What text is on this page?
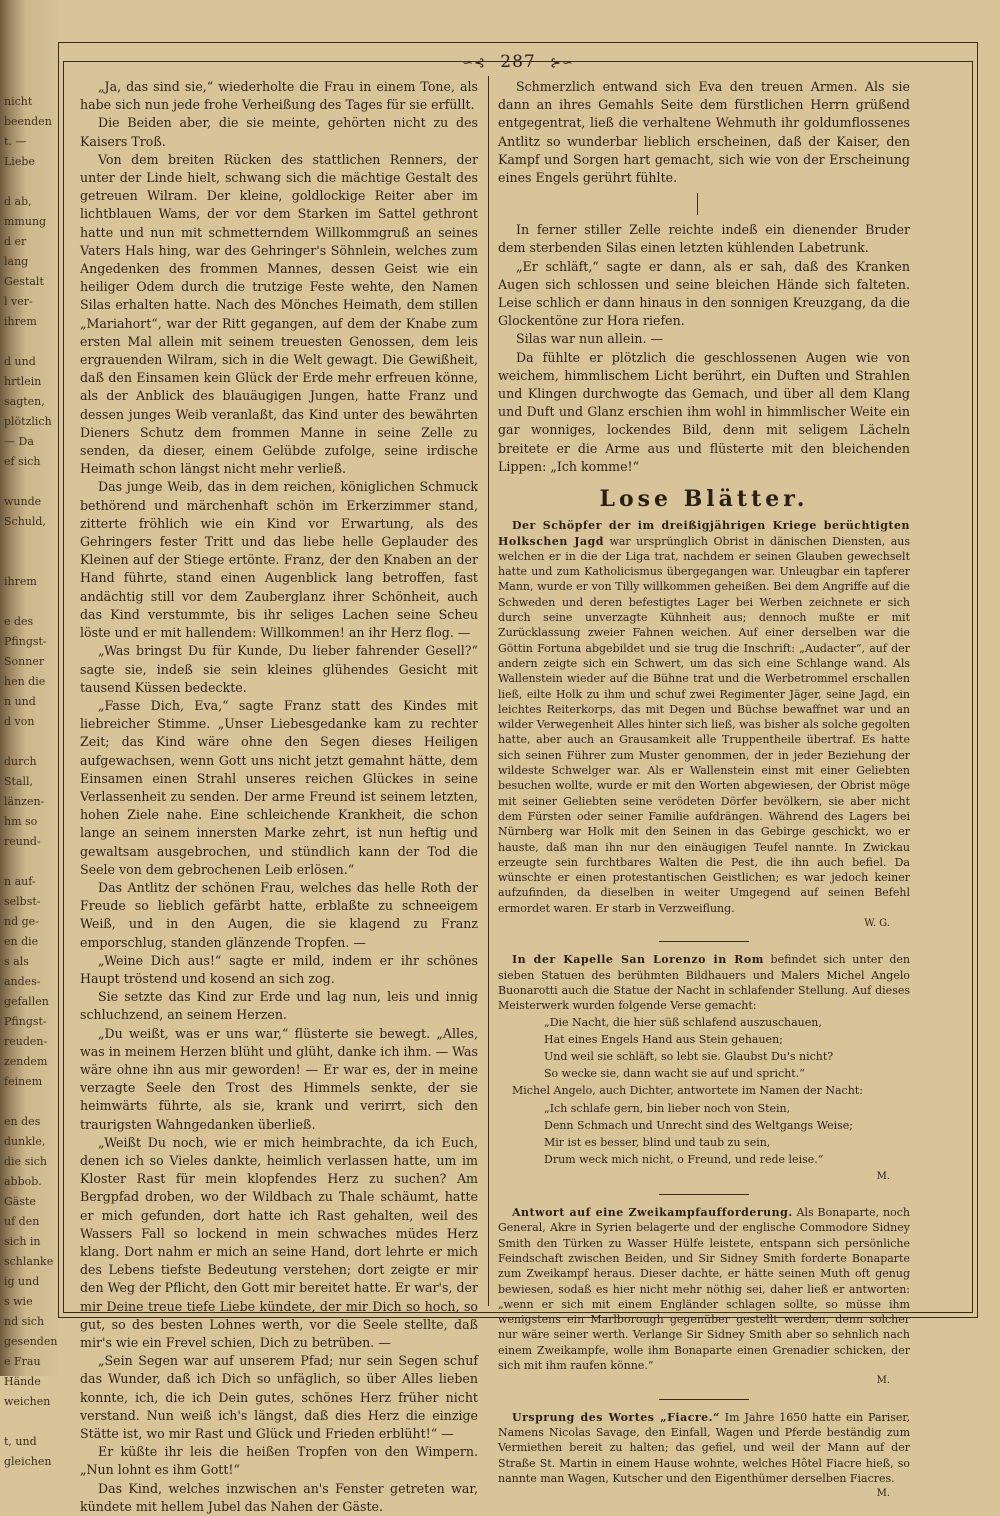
nicht
beenden
t. —
Liebe
d ab,
mmung
d er
lang
Gestalt
l ver-
ihrem
d und
hrtlein
sagten,
plötzlich
— Da
ef sich
wunde
Schuld,
ihrem
e des
Pfingst-
Sonner
hen die
n und
d von
durch
Stall,
länzen-
hm so
reund-
n auf-
selbst-
nd ge-
en die
s als
andes-
gefallen
Pfingst-
reuden-
zendem
feinem
en des
dunkle,
die sich
abbob.
Gäste
uf den
sich in
schlanke
ig und
s wie
nd sich
gesenden
e Frau
Hände
weichen
t, und
gleichen
∽⊰ 287 ⊱∽

„Ja, das sind sie,“ wiederholte die Frau in einem Tone, als habe sich nun jede frohe Verheißung des Tages für sie erfüllt.

Die Beiden aber, die sie meinte, gehörten nicht zu des Kaisers Troß.

Von dem breiten Rücken des stattlichen Renners, der unter der Linde hielt, schwang sich die mächtige Gestalt des getreuen Wilram. Der kleine, goldlockige Reiter aber im lichtblauen Wams, der vor dem Starken im Sattel gethront hatte und nun mit schmetterndem Willkommgruß an seines Vaters Hals hing, war des Gehringer's Söhnlein, welches zum Angedenken des frommen Mannes, dessen Geist wie ein heiliger Odem durch die trutzige Feste wehte, den Namen Silas erhalten hatte. Nach des Mönches Heimath, dem stillen „Mariahort“, war der Ritt gegangen, auf dem der Knabe zum ersten Mal allein mit seinem treuesten Genossen, dem leis ergrauenden Wilram, sich in die Welt gewagt. Die Gewißheit, daß den Einsamen kein Glück der Erde mehr erfreuen könne, als der Anblick des blauäugigen Jungen, hatte Franz und dessen junges Weib veranlaßt, das Kind unter des bewährten Dieners Schutz dem frommen Manne in seine Zelle zu senden, da dieser, einem Gelübde zufolge, seine irdische Heimath schon längst nicht mehr verließ.

Das junge Weib, das in dem reichen, königlichen Schmuck bethörend und märchenhaft schön im Erkerzimmer stand, zitterte fröhlich wie ein Kind vor Erwartung, als des Gehringers fester Tritt und das liebe helle Geplauder des Kleinen auf der Stiege ertönte. Franz, der den Knaben an der Hand führte, stand einen Augenblick lang betroffen, fast andächtig still vor dem Zauberglanz ihrer Schönheit, auch das Kind verstummte, bis ihr seliges Lachen seine Scheu löste und er mit hallendem: Willkommen! an ihr Herz flog. —

„Was bringst Du für Kunde, Du lieber fahrender Gesell?“ sagte sie, indeß sie sein kleines glühendes Gesicht mit tausend Küssen bedeckte.

„Fasse Dich, Eva,“ sagte Franz statt des Kindes mit liebreicher Stimme. „Unser Liebesgedanke kam zu rechter Zeit; das Kind wäre ohne den Segen dieses Heiligen aufgewachsen, wenn Gott uns nicht jetzt gemahnt hätte, dem Einsamen einen Strahl unseres reichen Glückes in seine Verlassenheit zu senden. Der arme Freund ist seinem letzten, hohen Ziele nahe. Eine schleichende Krankheit, die schon lange an seinem innersten Marke zehrt, ist nun heftig und gewaltsam ausgebrochen, und stündlich kann der Tod die Seele von dem gebrochenen Leib erlösen.“

Das Antlitz der schönen Frau, welches das helle Roth der Freude so lieblich gefärbt hatte, erblaßte zu schneeigem Weiß, und in den Augen, die sie klagend zu Franz emporschlug, standen glänzende Tropfen. —

„Weine Dich aus!“ sagte er mild, indem er ihr schönes Haupt tröstend und kosend an sich zog.

Sie setzte das Kind zur Erde und lag nun, leis und innig schluchzend, an seinem Herzen.

„Du weißt, was er uns war,“ flüsterte sie bewegt. „Alles, was in meinem Herzen blüht und glüht, danke ich ihm. — Was wäre ohne ihn aus mir geworden! — Er war es, der in meine verzagte Seele den Trost des Himmels senkte, der sie heimwärts führte, als sie, krank und verirrt, sich den traurigsten Wahngedanken überließ.

„Weißt Du noch, wie er mich heimbrachte, da ich Euch, denen ich so Vieles dankte, heimlich verlassen hatte, um im Kloster Rast für mein klopfendes Herz zu suchen? Am Bergpfad droben, wo der Wildbach zu Thale schäumt, hatte er mich gefunden, dort hatte ich Rast gehalten, weil des Wassers Fall so lockend in mein schwaches müdes Herz klang. Dort nahm er mich an seine Hand, dort lehrte er mich des Lebens tiefste Bedeutung verstehen; dort zeigte er mir den Weg der Pflicht, den Gott mir bereitet hatte. Er war's, der mir Deine treue tiefe Liebe kündete, der mir Dich so hoch, so gut, so des besten Lohnes werth, vor die Seele stellte, daß mir's wie ein Frevel schien, Dich zu betrüben. —

„Sein Segen war auf unserem Pfad; nur sein Segen schuf das Wunder, daß ich Dich so unfäglich, so über Alles lieben konnte, ich, die ich Dein gutes, schönes Herz früher nicht verstand. Nun weiß ich's längst, daß dies Herz die einzige Stätte ist, wo mir Rast und Glück und Frieden erblüht!“ —

Er küßte ihr leis die heißen Tropfen von den Wimpern. „Nun lohnt es ihm Gott!“

Das Kind, welches inzwischen an's Fenster getreten war, kündete mit hellem Jubel das Nahen der Gäste.

Schmerzlich entwand sich Eva den treuen Armen. Als sie dann an ihres Gemahls Seite dem fürstlichen Herrn grüßend entgegentrat, ließ die verhaltene Wehmuth ihr goldumflossenes Antlitz so wunderbar lieblich erscheinen, daß der Kaiser, den Kampf und Sorgen hart gemacht, sich wie von der Erscheinung eines Engels gerührt fühlte.

In ferner stiller Zelle reichte indeß ein dienender Bruder dem sterbenden Silas einen letzten kühlenden Labetrunk.

„Er schläft,“ sagte er dann, als er sah, daß des Kranken Augen sich schlossen und seine bleichen Hände sich falteten. Leise schlich er dann hinaus in den sonnigen Kreuzgang, da die Glockentöne zur Hora riefen.

Silas war nun allein. —

Da fühlte er plötzlich die geschlossenen Augen wie von weichem, himmlischem Licht berührt, ein Duften und Strahlen und Klingen durchwogte das Gemach, und über all dem Klang und Duft und Glanz erschien ihm wohl in himmlischer Weite ein gar wonniges, lockendes Bild, denn mit seligem Lächeln breitete er die Arme aus und flüsterte mit den bleichenden Lippen: „Ich komme!“

Lose Blätter.

Der Schöpfer der im dreißigjährigen Kriege berüchtigten Holkschen Jagd war ursprünglich Obrist in dänischen Diensten, aus welchen er in die der Liga trat, nachdem er seinen Glauben gewechselt hatte und zum Katholicismus übergegangen war. Unleugbar ein tapferer Mann, wurde er von Tilly willkommen geheißen. Bei dem Angriffe auf die Schweden und deren befestigtes Lager bei Werben zeichnete er sich durch seine unverzagte Kühnheit aus; dennoch mußte er mit Zurücklassung zweier Fahnen weichen. Auf einer derselben war die Göttin Fortuna abgebildet und sie trug die Inschrift: „Audacter“, auf der andern zeigte sich ein Schwert, um das sich eine Schlange wand. Als Wallenstein wieder auf die Bühne trat und die Werbetrommel erschallen ließ, eilte Holk zu ihm und schuf zwei Regimenter Jäger, seine Jagd, ein leichtes Reiterkorps, das mit Degen und Büchse bewaffnet war und an wilder Verwegenheit Alles hinter sich ließ, was bisher als solche gegolten hatte, aber auch an Grausamkeit alle Truppentheile übertraf. Es hatte sich seinen Führer zum Muster genommen, der in jeder Beziehung der wildeste Schwelger war. Als er Wallenstein einst mit einer Geliebten besuchen wollte, wurde er mit den Worten abgewiesen, der Obrist möge mit seiner Geliebten seine verödeten Dörfer bevölkern, sie aber nicht dem Fürsten oder seiner Familie aufdrängen. Während des Lagers bei Nürnberg war Holk mit den Seinen in das Gebirge geschickt, wo er hauste, daß man ihn nur den einäugigen Teufel nannte. In Zwickau erzeugte sein furchtbares Walten die Pest, die ihn auch befiel. Da wünschte er einen protestantischen Geistlichen; es war jedoch keiner aufzufinden, da dieselben in weiter Umgegend auf seinen Befehl ermordet waren. Er starb in Verzweiflung.

W. G.

In der Kapelle San Lorenzo in Rom befindet sich unter den sieben Statuen des berühmten Bildhauers und Malers Michel Angelo Buonarotti auch die Statue der Nacht in schlafender Stellung. Auf dieses Meisterwerk wurden folgende Verse gemacht:

„Die Nacht, die hier süß schlafend auszuschauen,

Hat eines Engels Hand aus Stein gehauen;

Und weil sie schläft, so lebt sie. Glaubst Du's nicht?

So wecke sie, dann wacht sie auf und spricht.“

Michel Angelo, auch Dichter, antwortete im Namen der Nacht:

„Ich schlafe gern, bin lieber noch von Stein,

Denn Schmach und Unrecht sind des Weltgangs Weise;

Mir ist es besser, blind und taub zu sein,

Drum weck mich nicht, o Freund, und rede leise.“

M.

Antwort auf eine Zweikampfaufforderung. Als Bonaparte, noch General, Akre in Syrien belagerte und der englische Commodore Sidney Smith den Türken zu Wasser Hülfe leistete, entspann sich persönliche Feindschaft zwischen Beiden, und Sir Sidney Smith forderte Bonaparte zum Zweikampf heraus. Dieser dachte, er hätte seinen Muth oft genug bewiesen, sodaß es hier nicht mehr nöthig sei, daher ließ er antworten: „wenn er sich mit einem Engländer schlagen sollte, so müsse ihm wenigstens ein Marlborough gegenüber gestellt werden, denn solcher nur wäre seiner werth. Verlange Sir Sidney Smith aber so sehnlich nach einem Zweikampfe, wolle ihm Bonaparte einen Grenadier schicken, der sich mit ihm raufen könne.“

M.

Ursprung des Wortes „Fiacre.“ Im Jahre 1650 hatte ein Pariser, Namens Nicolas Savage, den Einfall, Wagen und Pferde beständig zum Vermiethen bereit zu halten; das gefiel, und weil der Mann auf der Straße St. Martin in einem Hause wohnte, welches Hôtel Fiacre hieß, so nannte man Wagen, Kutscher und den Eigenthümer derselben Fiacres.

M.
